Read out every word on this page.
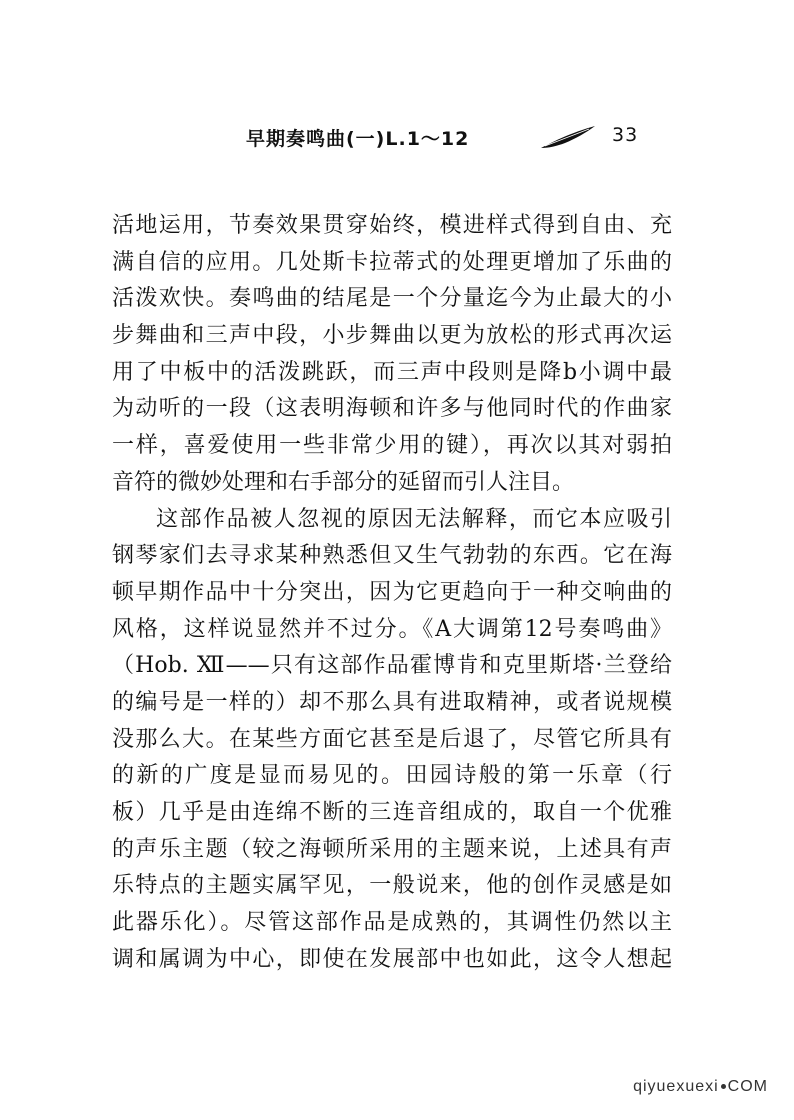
早期奏鸣曲(一)L.1～12	33
活地运用，节奏效果贯穿始终，模进样式得到自由、充
满自信的应用。几处斯卡拉蒂式的处理更增加了乐曲的
活泼欢快。奏鸣曲的结尾是一个分量迄今为止最大的小
步舞曲和三声中段，小步舞曲以更为放松的形式再次运
用了中板中的活泼跳跃，而三声中段则是降b小调中最
为动听的一段（这表明海顿和许多与他同时代的作曲家
一样，喜爱使用一些非常少用的键），再次以其对弱拍
音符的微妙处理和右手部分的延留而引人注目。
这部作品被人忽视的原因无法解释，而它本应吸引
钢琴家们去寻求某种熟悉但又生气勃勃的东西。它在海
顿早期作品中十分突出，因为它更趋向于一种交响曲的
风格，这样说显然并不过分。《A大调第12号奏鸣曲》
（Hob. Ⅻ——只有这部作品霍博肯和克里斯塔·兰登给
的编号是一样的）却不那么具有进取精神，或者说规模
没那么大。在某些方面它甚至是后退了，尽管它所具有
的新的广度是显而易见的。田园诗般的第一乐章（行
板）几乎是由连绵不断的三连音组成的，取自一个优雅
的声乐主题（较之海顿所采用的主题来说，上述具有声
乐特点的主题实属罕见，一般说来，他的创作灵感是如
此器乐化）。尽管这部作品是成熟的，其调性仍然以主
调和属调为中心，即使在发展部中也如此，这令人想起
qiyuexuexi COM
